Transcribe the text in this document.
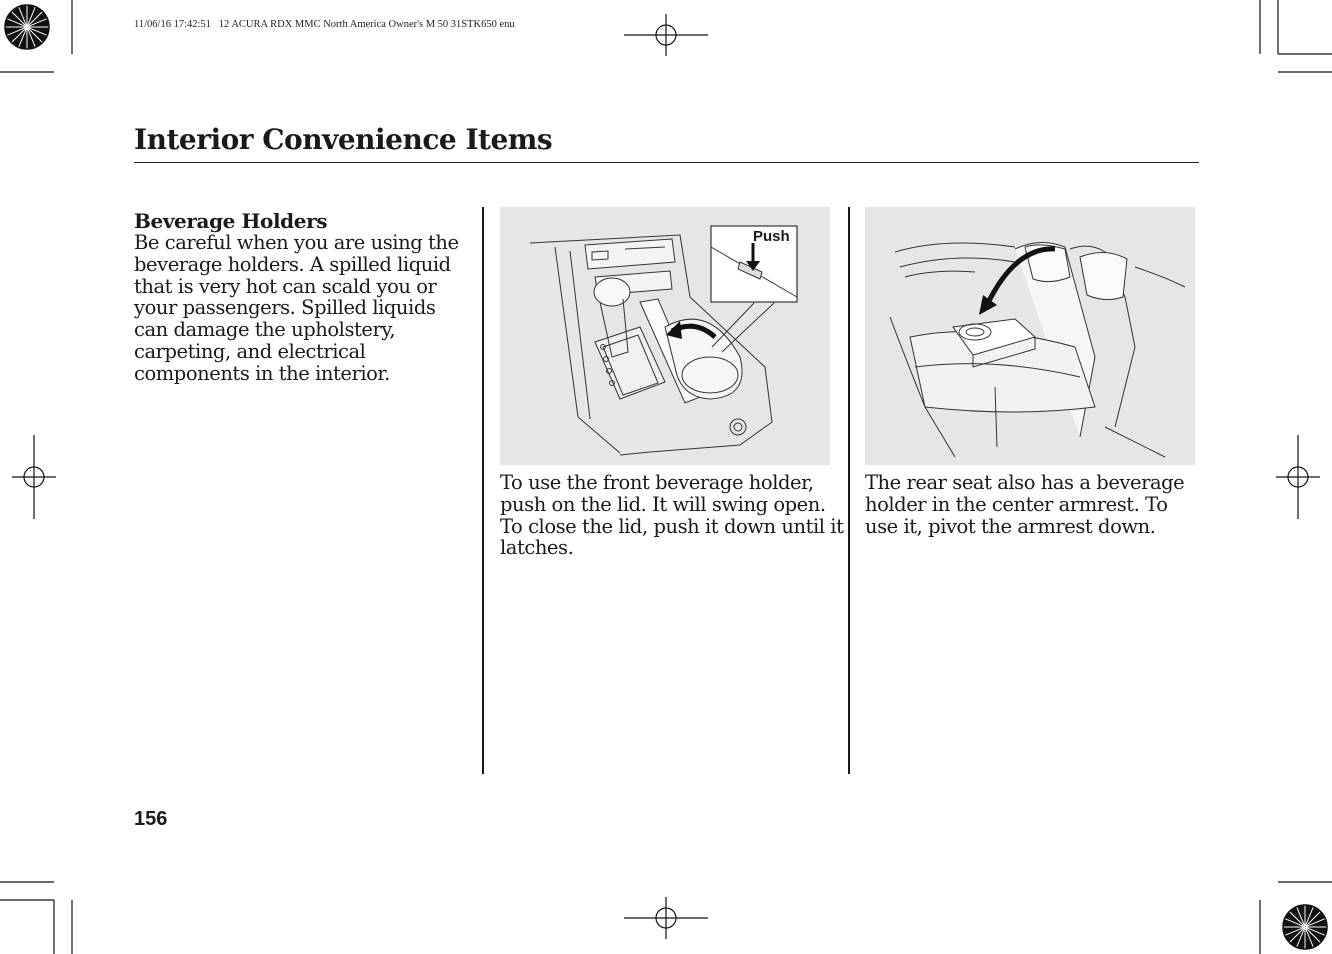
11/06/16 17:42:51   12 ACURA RDX MMC North America Owner's M 50 31STK650 enu
Interior Convenience Items
Beverage Holders

Be careful when you are using the beverage holders. A spilled liquid that is very hot can scald you or your passengers. Spilled liquids can damage the upholstery, carpeting, and electrical components in the interior.

Push

To use the front beverage holder, push on the lid. It will swing open. To close the lid, push it down until it latches.

The rear seat also has a beverage holder in the center armrest. To use it, pivot the armrest down.

156
